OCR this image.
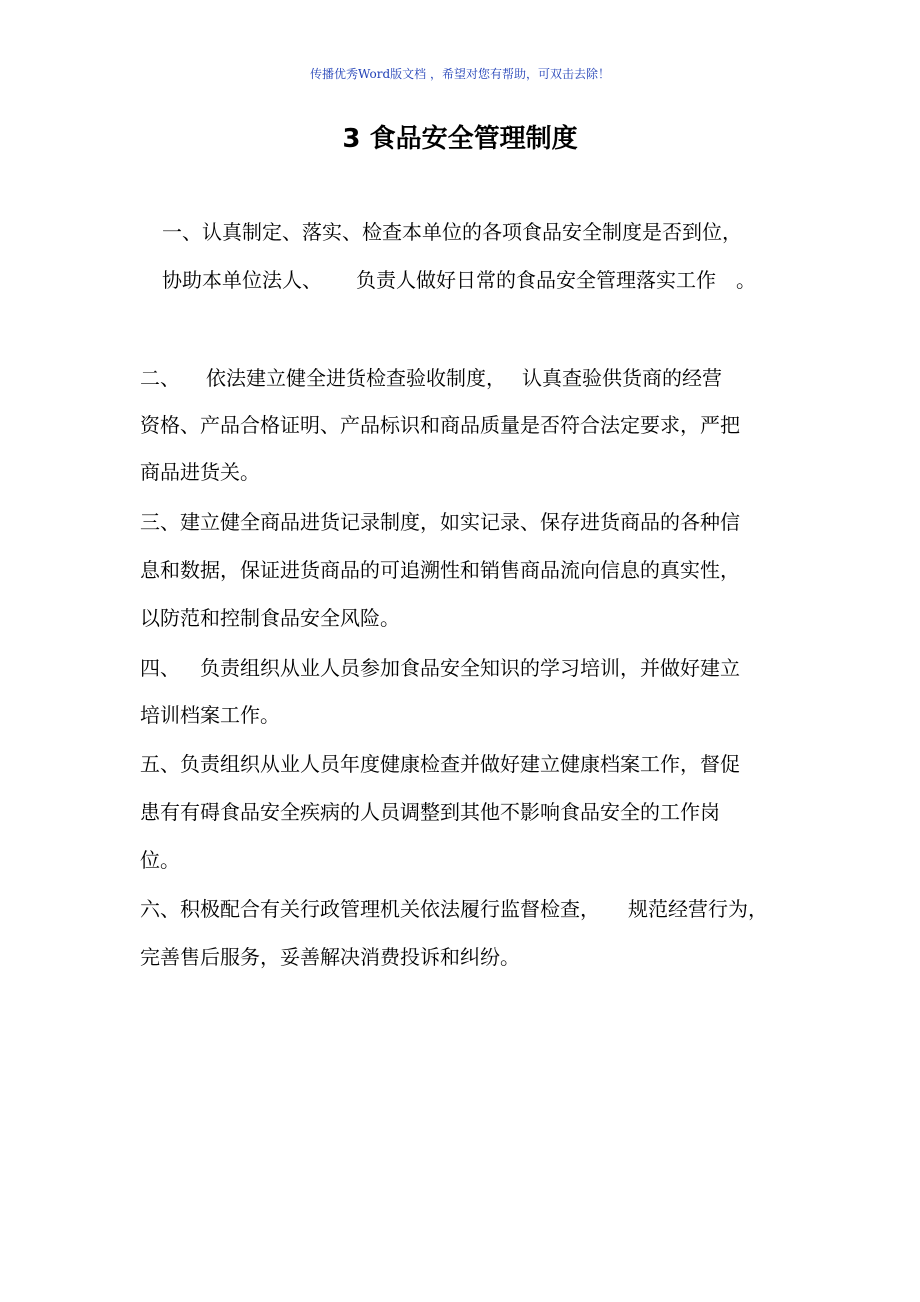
传播优秀Word版文档 ，希望对您有帮助，可双击去除！
3 食品安全管理制度
一、认真制定、落实、检查本单位的各项食品安全制度是否到位，
协助本单位法人、 负责人做好日常的食品安全管理落实工作 。
二、 依法建立健全进货检查验收制度， 认真查验供货商的经营
资格、产品合格证明、产品标识和商品质量是否符合法定要求，严把
商品进货关。
三、建立健全商品进货记录制度，如实记录、保存进货商品的各种信
息和数据，保证进货商品的可追溯性和销售商品流向信息的真实性，
以防范和控制食品安全风险。
四、 负责组织从业人员参加食品安全知识的学习培训，并做好建立
培训档案工作。
五、负责组织从业人员年度健康检查并做好建立健康档案工作，督促
患有有碍食品安全疾病的人员调整到其他不影响食品安全的工作岗
位。
六、积极配合有关行政管理机关依法履行监督检查， 规范经营行为，
完善售后服务，妥善解决消费投诉和纠纷。
